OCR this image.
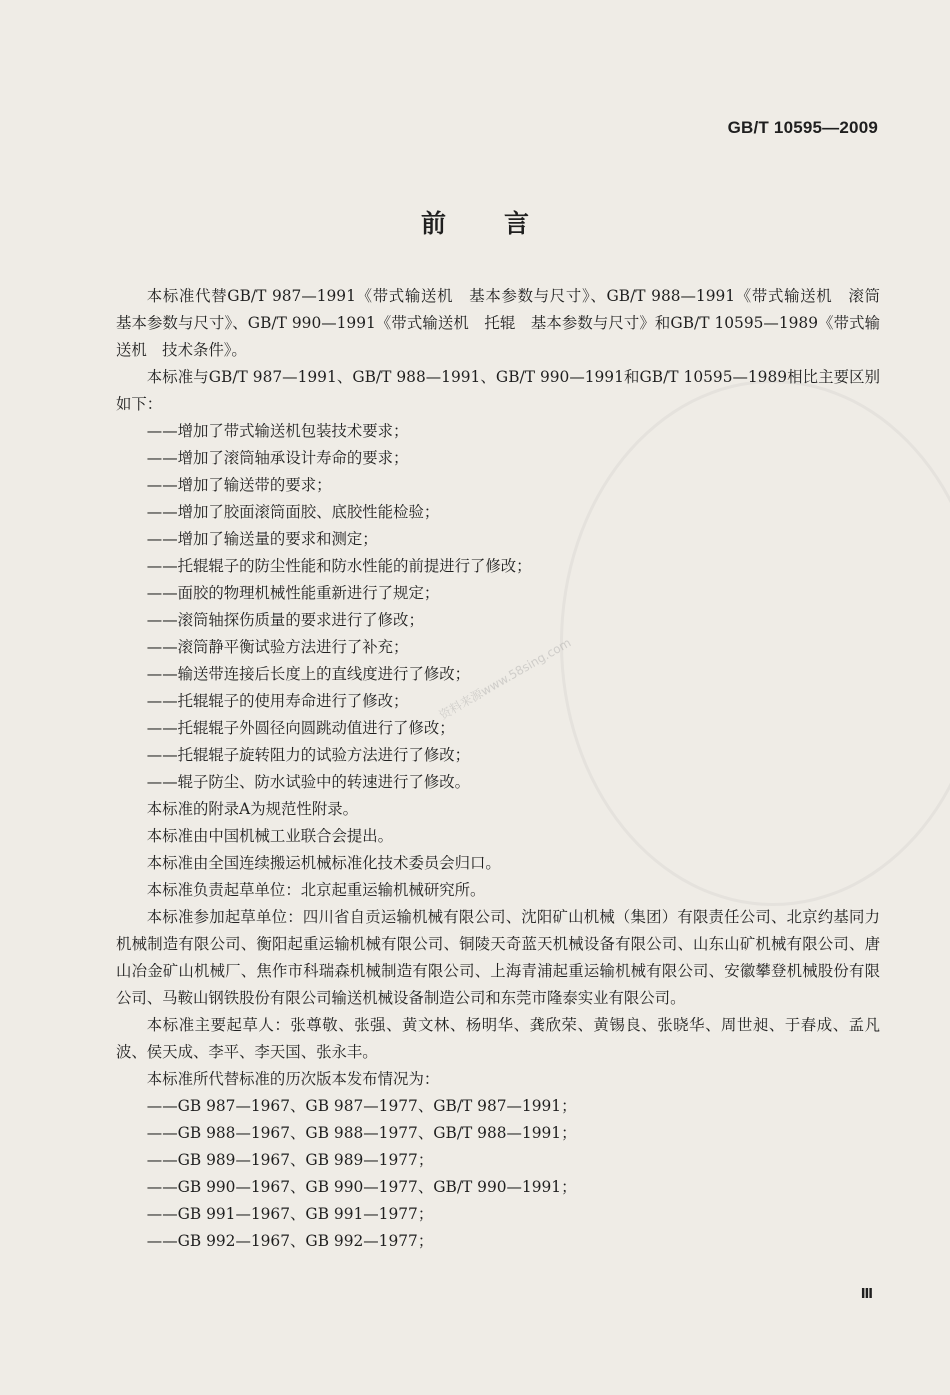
GB/T 10595—2009
前言

本标准代替GB/T 987—1991《带式输送机　基本参数与尺寸》、GB/T 988—1991《带式输送机　滚筒　基本参数与尺寸》、GB/T 990—1991《带式输送机　托辊　基本参数与尺寸》和GB/T 10595—1989《带式输送机　技术条件》。

本标准与GB/T 987—1991、GB/T 988—1991、GB/T 990—1991和GB/T 10595—1989相比主要区别如下：

——增加了带式输送机包装技术要求；
——增加了滚筒轴承设计寿命的要求；
——增加了输送带的要求；
——增加了胶面滚筒面胶、底胶性能检验；
——增加了输送量的要求和测定；
——托辊辊子的防尘性能和防水性能的前提进行了修改；
——面胶的物理机械性能重新进行了规定；
——滚筒轴探伤质量的要求进行了修改；
——滚筒静平衡试验方法进行了补充；
——输送带连接后长度上的直线度进行了修改；
——托辊辊子的使用寿命进行了修改；
——托辊辊子外圆径向圆跳动值进行了修改；
——托辊辊子旋转阻力的试验方法进行了修改；
——辊子防尘、防水试验中的转速进行了修改。

本标准的附录A为规范性附录。

本标准由中国机械工业联合会提出。

本标准由全国连续搬运机械标准化技术委员会归口。

本标准负责起草单位：北京起重运输机械研究所。

本标准参加起草单位：四川省自贡运输机械有限公司、沈阳矿山机械（集团）有限责任公司、北京约基同力机械制造有限公司、衡阳起重运输机械有限公司、铜陵天奇蓝天机械设备有限公司、山东山矿机械有限公司、唐山冶金矿山机械厂、焦作市科瑞森机械制造有限公司、上海青浦起重运输机械有限公司、安徽攀登机械股份有限公司、马鞍山钢铁股份有限公司输送机械设备制造公司和东莞市隆泰实业有限公司。

本标准主要起草人：张尊敬、张强、黄文林、杨明华、龚欣荣、黄锡良、张晓华、周世昶、于春成、孟凡波、侯天成、李平、李天国、张永丰。

本标准所代替标准的历次版本发布情况为：

——GB 987—1967、GB 987—1977、GB/T 987—1991；
——GB 988—1967、GB 988—1977、GB/T 988—1991；
——GB 989—1967、GB 989—1977；
——GB 990—1967、GB 990—1977、GB/T 990—1991；
——GB 991—1967、GB 991—1977；
——GB 992—1967、GB 992—1977；
资料来源www.58sing.com
Ⅲ
